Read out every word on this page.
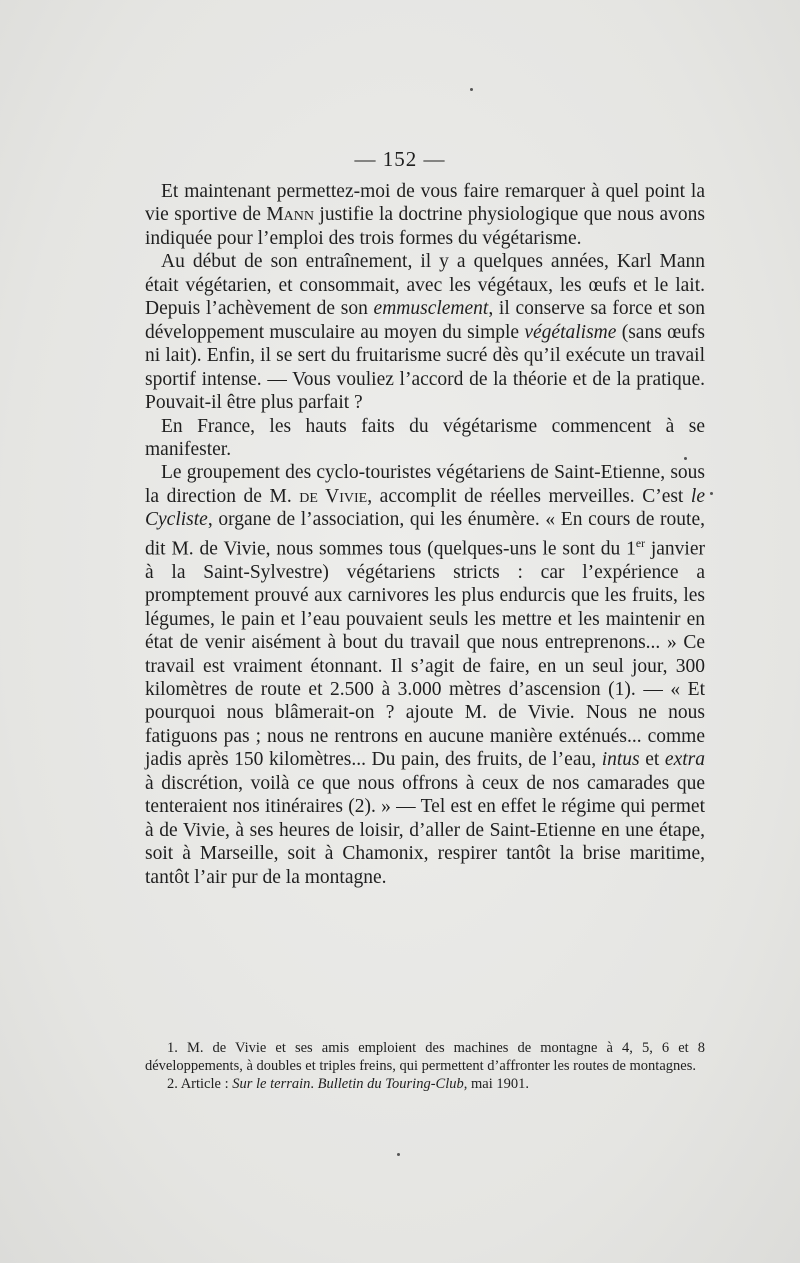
— 152 —

Et maintenant permettez-moi de vous faire remarquer à quel point la vie sportive de Mann justifie la doctrine physiologique que nous avons indiquée pour l’emploi des trois formes du végétarisme.

Au début de son entraînement, il y a quelques années, Karl Mann était végétarien, et consommait, avec les végétaux, les œufs et le lait. Depuis l’achèvement de son emmusclement, il conserve sa force et son développement musculaire au moyen du simple végétalisme (sans œufs ni lait). Enfin, il se sert du fruitarisme sucré dès qu’il exécute un travail sportif intense. — Vous vouliez l’accord de la théorie et de la pratique. Pouvait-il être plus parfait ?

En France, les hauts faits du végétarisme commencent à se manifester.

Le groupement des cyclo-touristes végétariens de Saint-Etienne, sous la direction de M. de Vivie, accomplit de réelles merveilles. C’est le Cycliste, organe de l’association, qui les énumère. « En cours de route, dit M. de Vivie, nous sommes tous (quelques-uns le sont du 1er janvier à la Saint-Sylvestre) végétariens stricts : car l’expérience a promptement prouvé aux carnivores les plus endurcis que les fruits, les légumes, le pain et l’eau pouvaient seuls les mettre et les maintenir en état de venir aisément à bout du travail que nous entreprenons... » Ce travail est vraiment étonnant. Il s’agit de faire, en un seul jour, 300 kilomètres de route et 2.500 à 3.000 mètres d’ascension (1). — « Et pourquoi nous blâmerait-on ? ajoute M. de Vivie. Nous ne nous fatiguons pas ; nous ne rentrons en aucune manière exténués... comme jadis après 150 kilomètres... Du pain, des fruits, de l’eau, intus et extra à discrétion, voilà ce que nous offrons à ceux de nos camarades que tenteraient nos itinéraires (2). » — Tel est en effet le régime qui permet à de Vivie, à ses heures de loisir, d’aller de Saint-Etienne en une étape, soit à Marseille, soit à Chamonix, respirer tantôt la brise maritime, tantôt l’air pur de la montagne.

1. M. de Vivie et ses amis emploient des machines de montagne à 4, 5, 6 et 8 développements, à doubles et triples freins, qui permettent d’affronter les routes de montagnes.

2. Article : Sur le terrain. Bulletin du Touring-Club, mai 1901.
